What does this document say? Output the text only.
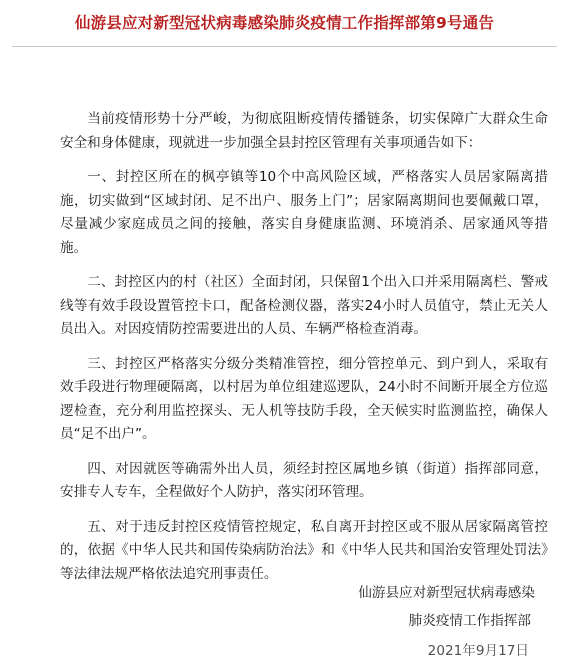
仙游县应对新型冠状病毒感染肺炎疫情工作指挥部第9号通告

当前疫情形势十分严峻，为彻底阻断疫情传播链条，切实保障广大群众生命安全和身体健康，现就进一步加强全县封控区管理有关事项通告如下：

一、封控区所在的枫亭镇等10个中高风险区域，严格落实人员居家隔离措施，切实做到“区域封闭、足不出户、服务上门”；居家隔离期间也要佩戴口罩，尽量减少家庭成员之间的接触，落实自身健康监测、环境消杀、居家通风等措施。

二、封控区内的村（社区）全面封闭，只保留1个出入口并采用隔离栏、警戒线等有效手段设置管控卡口，配备检测仪器，落实24小时人员值守，禁止无关人员出入。对因疫情防控需要进出的人员、车辆严格检查消毒。

三、封控区严格落实分级分类精准管控，细分管控单元、到户到人，采取有效手段进行物理硬隔离，以村居为单位组建巡逻队，24小时不间断开展全方位巡逻检查，充分利用监控探头、无人机等技防手段，全天候实时监测监控，确保人员“足不出户”。

四、对因就医等确需外出人员，须经封控区属地乡镇（街道）指挥部同意，安排专人专车，全程做好个人防护，落实闭环管理。

五、对于违反封控区疫情管控规定，私自离开封控区或不服从居家隔离管控的，依据《中华人民共和国传染病防治法》和《中华人民共和国治安管理处罚法》等法律法规严格依法追究刑事责任。

仙游县应对新型冠状病毒感染
肺炎疫情工作指挥部
2021年9月17日
